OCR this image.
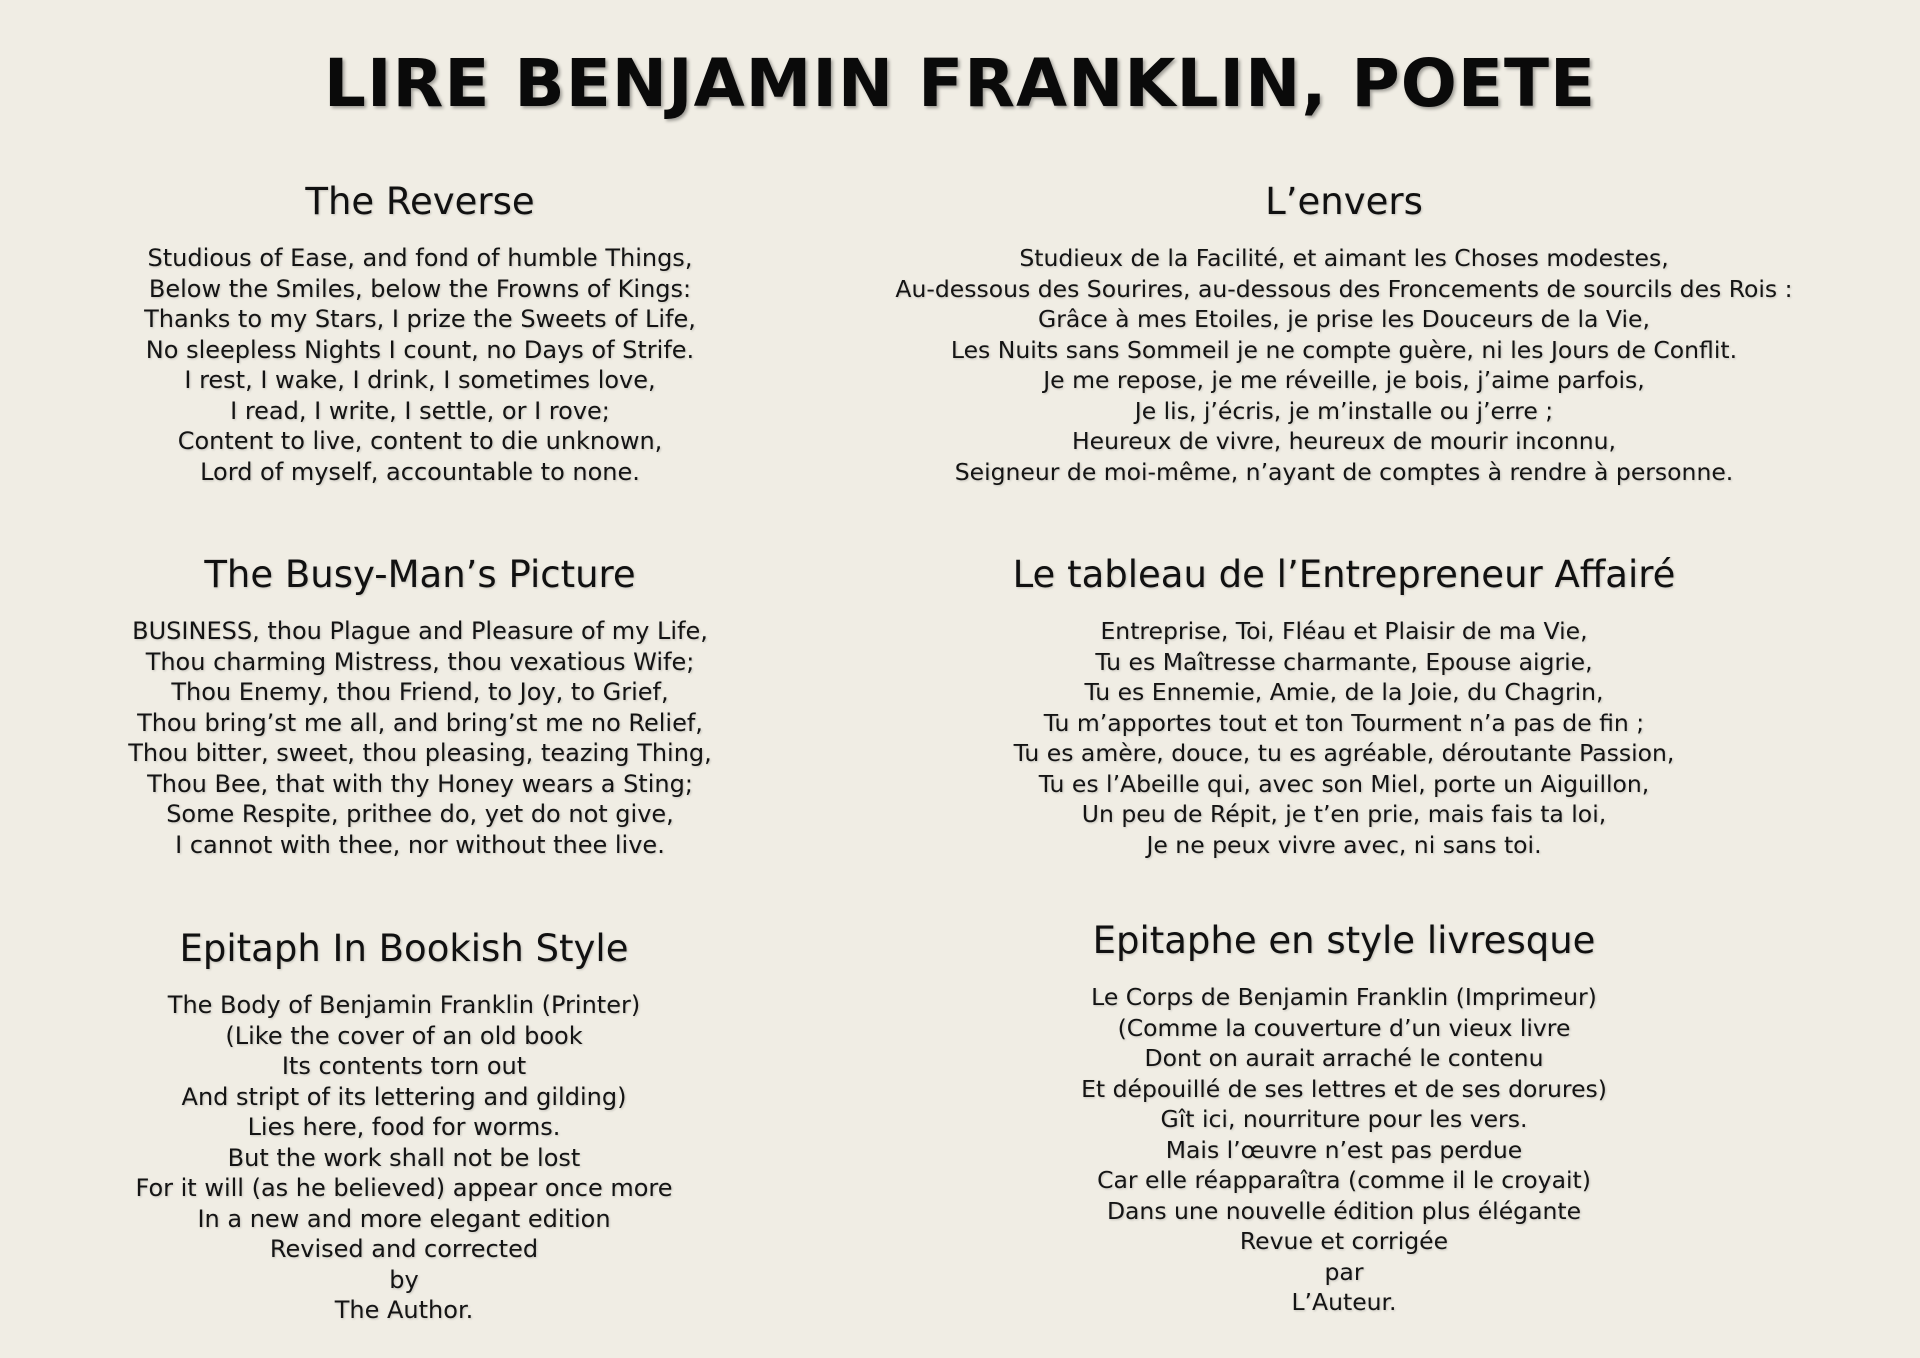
LIRE BENJAMIN FRANKLIN, POETE
The Reverse
Studious of Ease, and fond of humble Things,
Below the Smiles, below the Frowns of Kings:
Thanks to my Stars, I prize the Sweets of Life,
No sleepless Nights I count, no Days of Strife.
I rest, I wake, I drink, I sometimes love,
I read, I write, I settle, or I rove;
Content to live, content to die unknown,
Lord of myself, accountable to none.
L’envers
Studieux de la Facilité, et aimant les Choses modestes,
Au-dessous des Sourires, au-dessous des Froncements de sourcils des Rois :
Grâce à mes Etoiles, je prise les Douceurs de la Vie,
Les Nuits sans Sommeil je ne compte guère, ni les Jours de Conflit.
Je me repose, je me réveille, je bois, j’aime parfois,
Je lis, j’écris, je m’installe ou j’erre ;
Heureux de vivre, heureux de mourir inconnu,
Seigneur de moi-même, n’ayant de comptes à rendre à personne.
The Busy-Man’s Picture
BUSINESS, thou Plague and Pleasure of my Life,
Thou charming Mistress, thou vexatious Wife;
Thou Enemy, thou Friend, to Joy, to Grief,
Thou bring’st me all, and bring’st me no Relief,
Thou bitter, sweet, thou pleasing, teazing Thing,
Thou Bee, that with thy Honey wears a Sting;
Some Respite, prithee do, yet do not give,
I cannot with thee, nor without thee live.
Le tableau de l’Entrepreneur Affairé
Entreprise, Toi, Fléau et Plaisir de ma Vie,
Tu es Maîtresse charmante, Epouse aigrie,
Tu es Ennemie, Amie, de la Joie, du Chagrin,
Tu m’apportes tout et ton Tourment n’a pas de fin ;
Tu es amère, douce, tu es agréable, déroutante Passion,
Tu es l’Abeille qui, avec son Miel, porte un Aiguillon,
Un peu de Répit, je t’en prie, mais fais ta loi,
Je ne peux vivre avec, ni sans toi.
Epitaph In Bookish Style
The Body of Benjamin Franklin (Printer)
(Like the cover of an old book
Its contents torn out
And stript of its lettering and gilding)
Lies here, food for worms.
But the work shall not be lost
For it will (as he believed) appear once more
In a new and more elegant edition
Revised and corrected
by
The Author.
Epitaphe en style livresque
Le Corps de Benjamin Franklin (Imprimeur)
(Comme la couverture d’un vieux livre
Dont on aurait arraché le contenu
Et dépouillé de ses lettres et de ses dorures)
Gît ici, nourriture pour les vers.
Mais l’œuvre n’est pas perdue
Car elle réapparaîtra (comme il le croyait)
Dans une nouvelle édition plus élégante
Revue et corrigée
par
L’Auteur.
